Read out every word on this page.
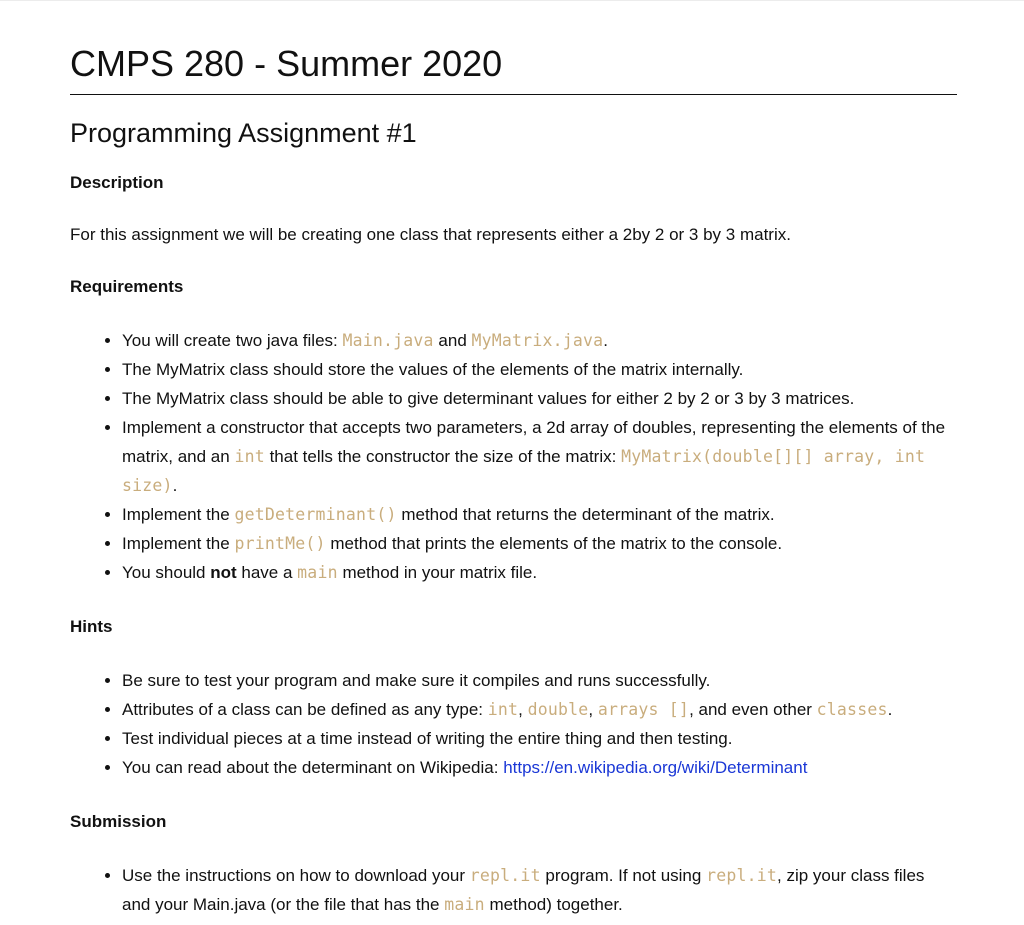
CMPS 280 - Summer 2020
Programming Assignment #1
Description

For this assignment we will be creating one class that represents either a 2by 2 or 3 by 3 matrix.

Requirements
• You will create two java files: Main.java and MyMatrix.java.
• The MyMatrix class should store the values of the elements of the matrix internally.
• The MyMatrix class should be able to give determinant values for either 2 by 2 or 3 by 3 matrices.
• Implement a constructor that accepts two parameters, a 2d array of doubles, representing the elements of the matrix, and an int that tells the constructor the size of the matrix: MyMatrix(double[][] array, int size).
• Implement the getDeterminant() method that returns the determinant of the matrix.
• Implement the printMe() method that prints the elements of the matrix to the console.
• You should not have a main method in your matrix file.
Hints
• Be sure to test your program and make sure it compiles and runs successfully.
• Attributes of a class can be defined as any type: int, double, arrays [], and even other classes.
• Test individual pieces at a time instead of writing the entire thing and then testing.
• You can read about the determinant on Wikipedia: https://en.wikipedia.org/wiki/Determinant
Submission
• Use the instructions on how to download your repl.it program. If not using repl.it, zip your class files and your Main.java (or the file that has the main method) together.
